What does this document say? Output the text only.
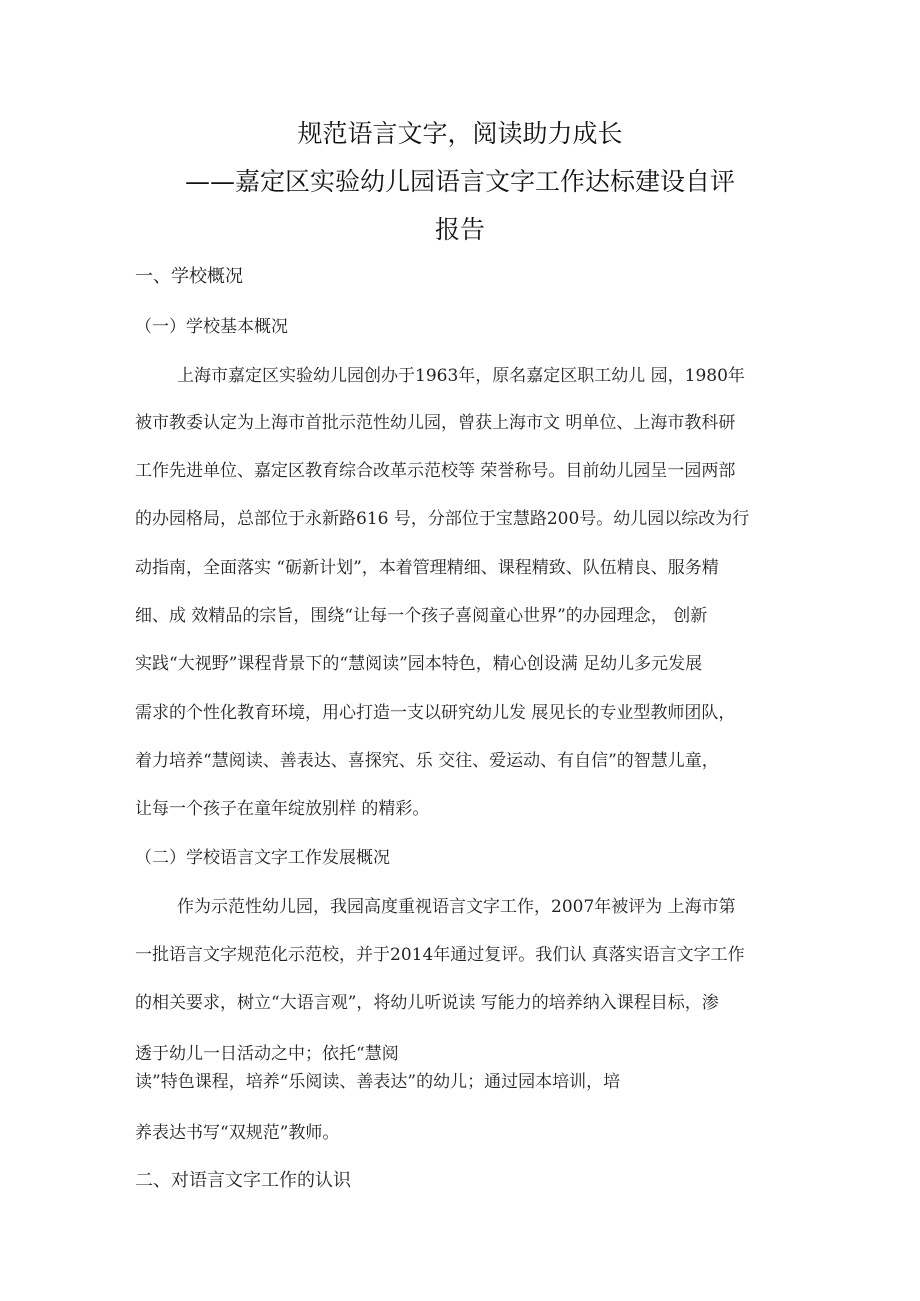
规范语言文字，阅读助力成长
——嘉定区实验幼儿园语言文字工作达标建设自评
报告
一、学校概况
（一）学校基本概况
上海市嘉定区实验幼儿园创办于1963年，原名嘉定区职工幼儿 园，1980年
被市教委认定为上海市首批示范性幼儿园，曾获上海市文 明单位、上海市教科研
工作先进单位、嘉定区教育综合改革示范校等 荣誉称号。目前幼儿园呈一园两部
的办园格局，总部位于永新路616 号，分部位于宝慧路200号。幼儿园以综改为行
动指南，全面落实 “砺新计划”，本着管理精细、课程精致、队伍精良、服务精
细、成 效精品的宗旨，围绕“让每一个孩子喜阅童心世界”的办园理念， 创新
实践“大视野”课程背景下的“慧阅读”园本特色，精心创设满 足幼儿多元发展
需求的个性化教育环境，用心打造一支以研究幼儿发 展见长的专业型教师团队，
着力培养“慧阅读、善表达、喜探究、乐 交往、爱运动、有自信”的智慧儿童，
让每一个孩子在童年绽放别样 的精彩。
（二）学校语言文字工作发展概况
作为示范性幼儿园，我园高度重视语言文字工作，2007年被评为 上海市第
一批语言文字规范化示范校，并于2014年通过复评。我们认 真落实语言文字工作
的相关要求，树立“大语言观”，将幼儿听说读 写能力的培养纳入课程目标，渗
透于幼儿一日活动之中；依托“慧阅
读”特色课程，培养“乐阅读、善表达”的幼儿；通过园本培训，培
养表达书写“双规范”教师。
二、对语言文字工作的认识
